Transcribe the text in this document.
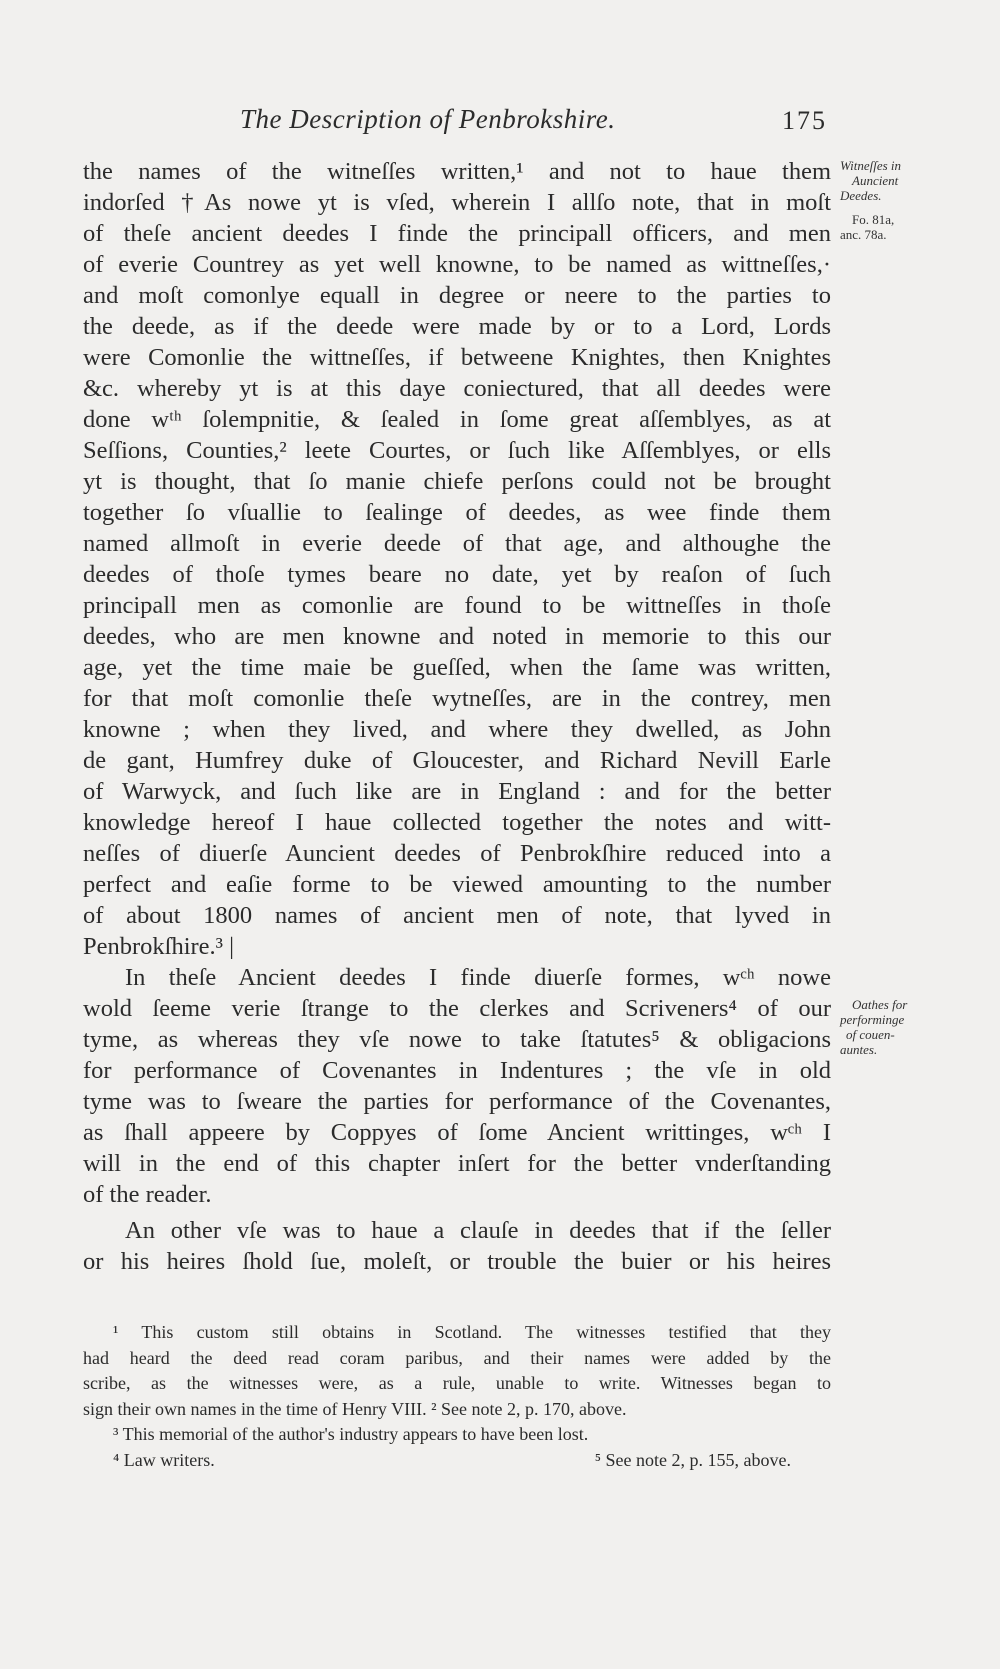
The Description of Penbrokshire.	175
the names of the witneſſes written,¹ and not to haue them
indorſed †As nowe yt is vſed, wherein I allſo note, that in moſt
of theſe ancient deedes I finde the principall officers, and men
of everie Countrey as yet well knowne, to be named as wittneſſes,·
and moſt comonlye equall in degree or neere to the parties to
the deede, as if the deede were made by or to a Lord, Lords
were Comonlie the wittneſſes, if betweene Knightes, then Knightes
&c. whereby yt is at this daye coniectured, that all deedes were
done wᵗʰ ſolempnitie, & ſealed in ſome great aſſemblyes, as at
Seſſions, Counties,² leete Courtes, or ſuch like Aſſemblyes, or ells
yt is thought, that ſo manie chiefe perſons could not be brought
together ſo vſuallie to ſealinge of deedes, as wee finde them
named allmoſt in everie deede of that age, and althoughe the
deedes of thoſe tymes beare no date, yet by reaſon of ſuch
principall men as comonlie are found to be wittneſſes in thoſe
deedes, who are men knowne and noted in memorie to this our
age, yet the time maie be gueſſed, when the ſame was written,
for that moſt comonlie theſe wytneſſes, are in the contrey, men
knowne ; when they lived, and where they dwelled, as John
de gant, Humfrey duke of Gloucester, and Richard Nevill Earle
of Warwyck, and ſuch like are in England : and for the better
knowledge hereof I haue collected together the notes and witt-
neſſes of diuerſe Auncient deedes of Penbrokſhire reduced into a
perfect and eaſie forme to be viewed amounting to the number
of about 1800 names of ancient men of note, that lyved in
Penbrokſhire.³ |
In theſe Ancient deedes I finde diuerſe formes, wᶜʰ nowe
wold ſeeme verie ſtrange to the clerkes and Scriveners⁴ of our
tyme, as whereas they vſe nowe to take ſtatutes⁵ & obligacions
for performance of Covenantes in Indentures ; the vſe in old
tyme was to ſweare the parties for performance of the Covenantes,
as ſhall appeere by Coppyes of ſome Ancient writtinges, wᶜʰ I
will in the end of this chapter inſert for the better vnderſtanding
of the reader.
An other vſe was to haue a clauſe in deedes that if the ſeller
or his heires ſhold ſue, moleſt, or trouble the buier or his heires
Witneſſes in
Auncient
Deedes.
Fo. 81a,
anc. 78a.
Oathes for
performinge
of couen-
auntes.
¹ This custom still obtains in Scotland. The witnesses testified that they
had heard the deed read coram paribus, and their names were added by the
scribe, as the witnesses were, as a rule, unable to write. Witnesses began to
sign their own names in the time of Henry VIII. ² See note 2, p. 170, above.
³ This memorial of the author's industry appears to have been lost.
⁴ Law writers.	⁵ See note 2, p. 155, above.
